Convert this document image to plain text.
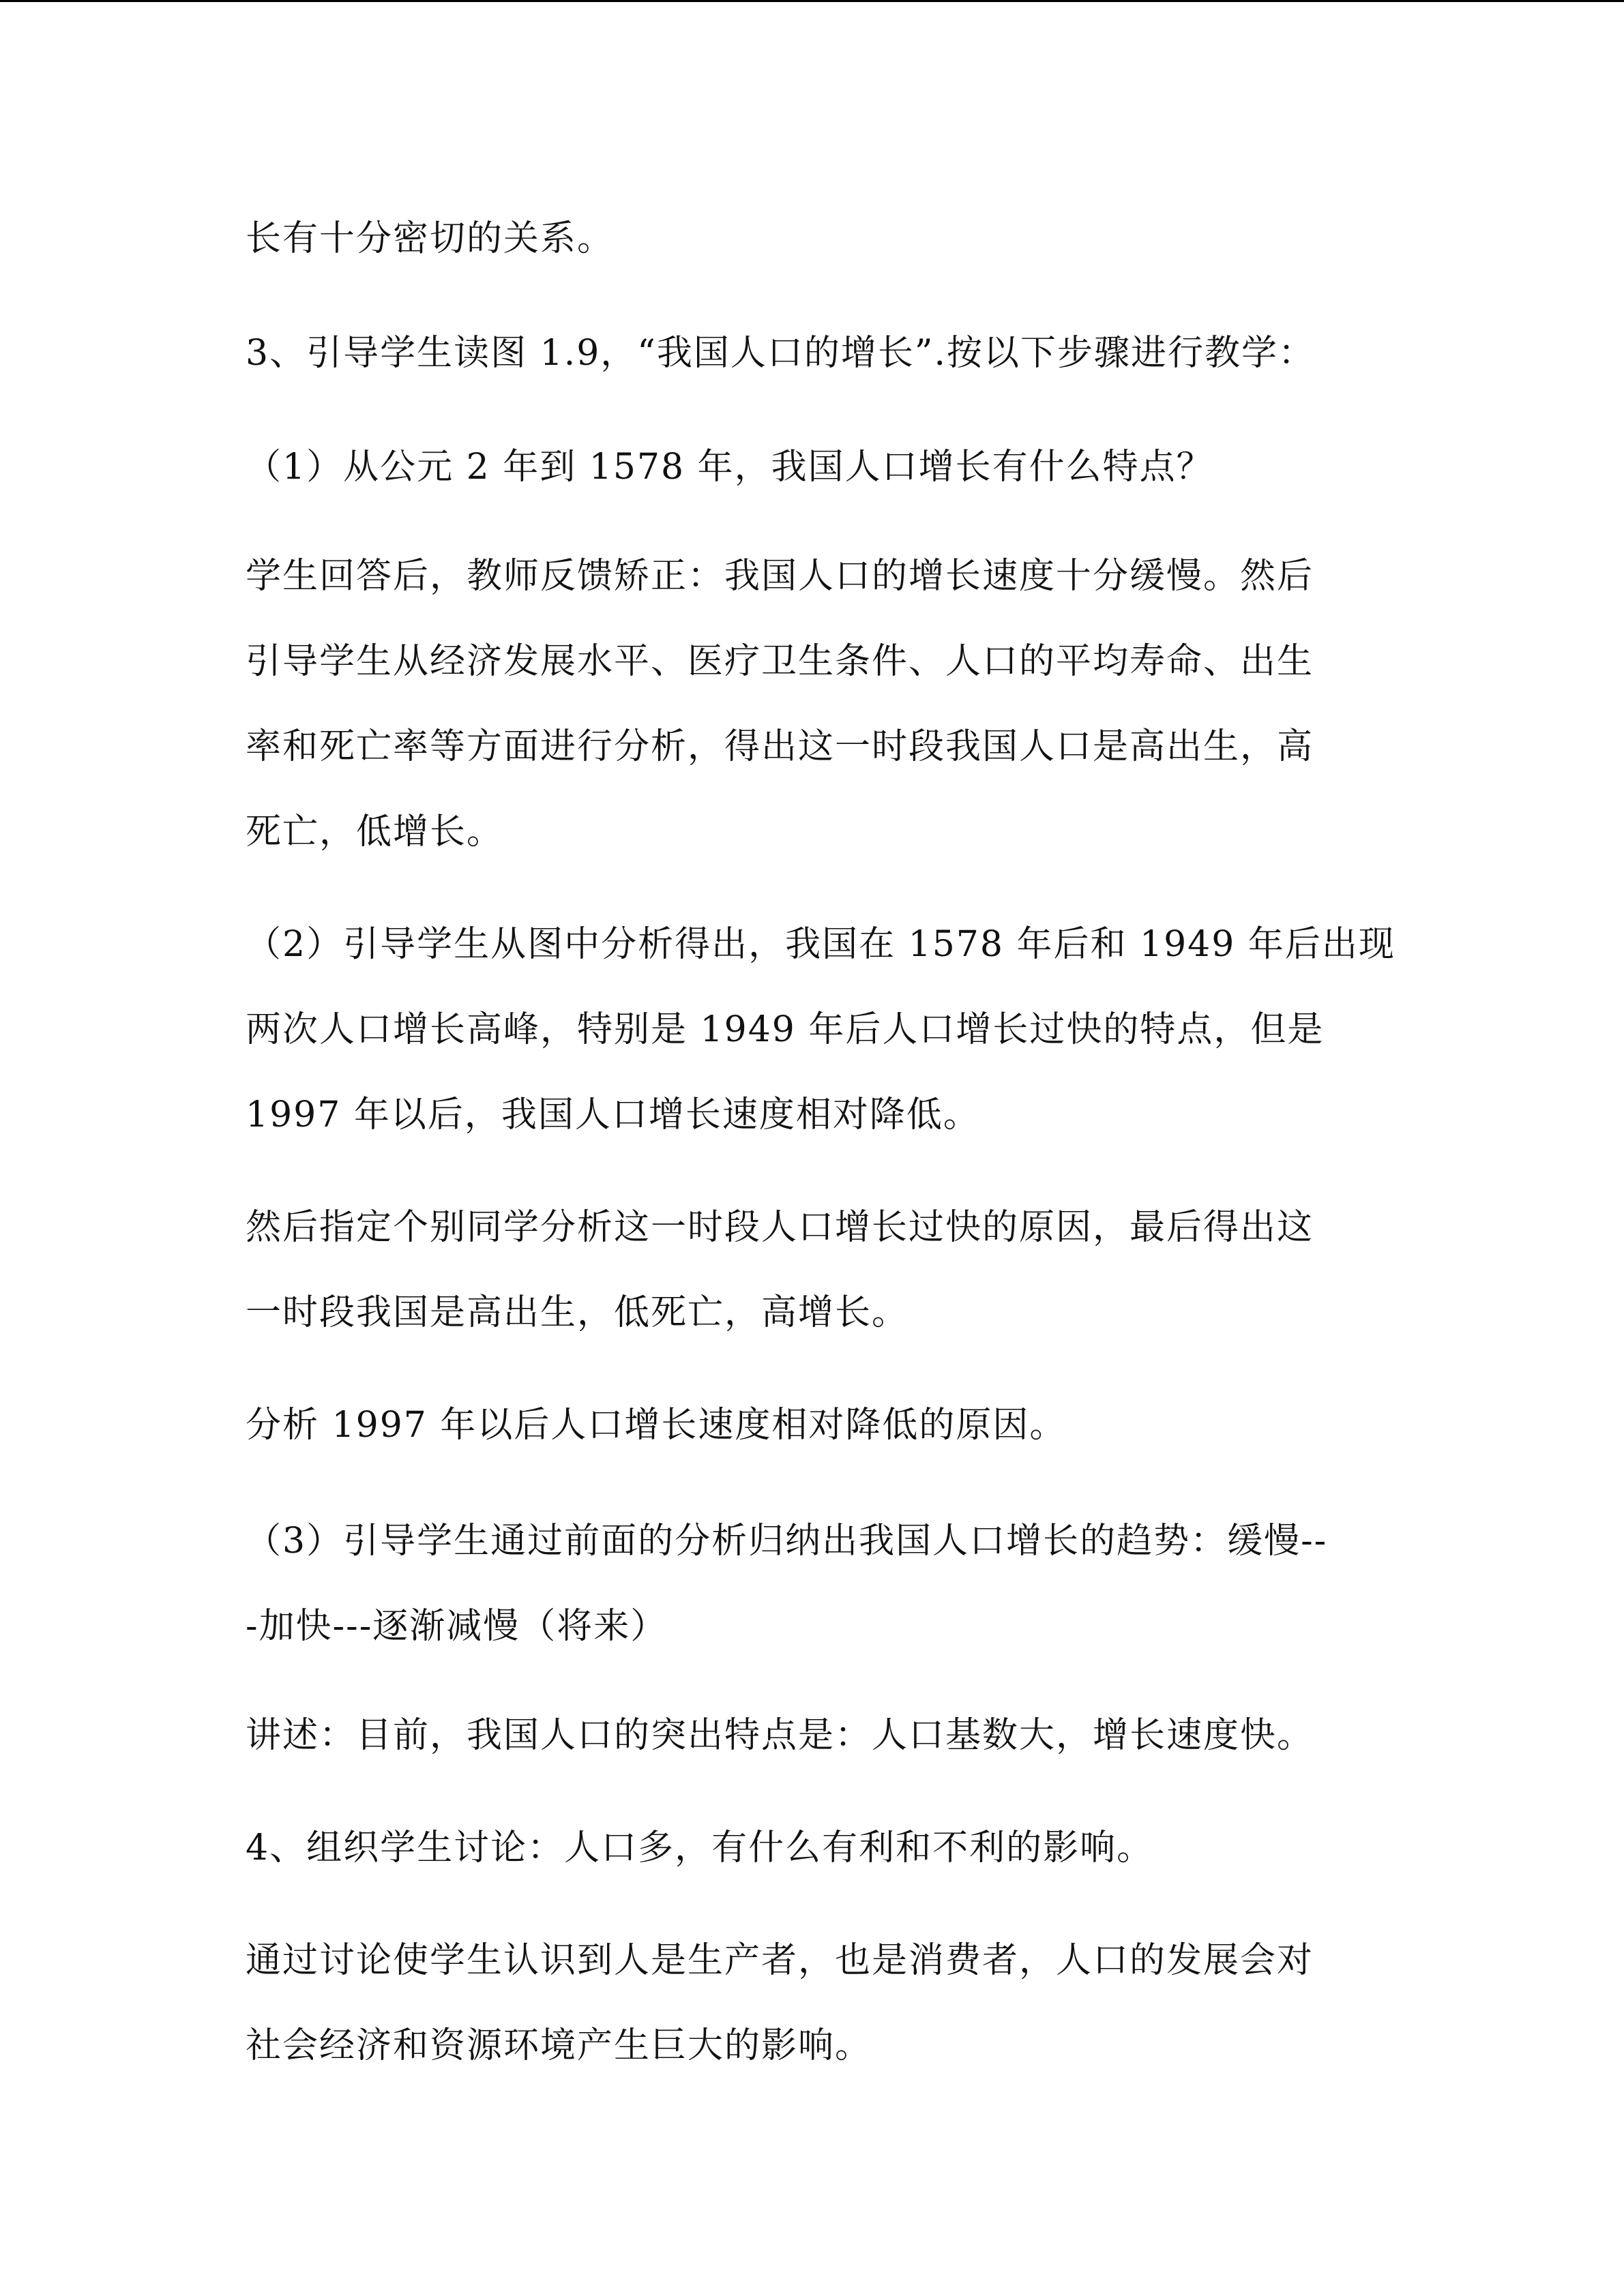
长有十分密切的关系。
3、引导学生读图 1.9，“我国人口的增长”.按以下步骤进行教学：
（1）从公元 2 年到 1578 年，我国人口增长有什么特点？
学生回答后，教师反馈矫正：我国人口的增长速度十分缓慢。然后
引导学生从经济发展水平、医疗卫生条件、人口的平均寿命、出生
率和死亡率等方面进行分析，得出这一时段我国人口是高出生，高
死亡，低增长。
（2）引导学生从图中分析得出，我国在 1578 年后和 1949 年后出现
两次人口增长高峰，特别是 1949 年后人口增长过快的特点，但是
1997 年以后，我国人口增长速度相对降低。
然后指定个别同学分析这一时段人口增长过快的原因，最后得出这
一时段我国是高出生，低死亡，高增长。
分析 1997 年以后人口增长速度相对降低的原因。
（3）引导学生通过前面的分析归纳出我国人口增长的趋势：缓慢--
-加快---逐渐减慢（将来）
讲述：目前，我国人口的突出特点是：人口基数大，增长速度快。
4、组织学生讨论：人口多，有什么有利和不利的影响。
通过讨论使学生认识到人是生产者，也是消费者，人口的发展会对
社会经济和资源环境产生巨大的影响。
